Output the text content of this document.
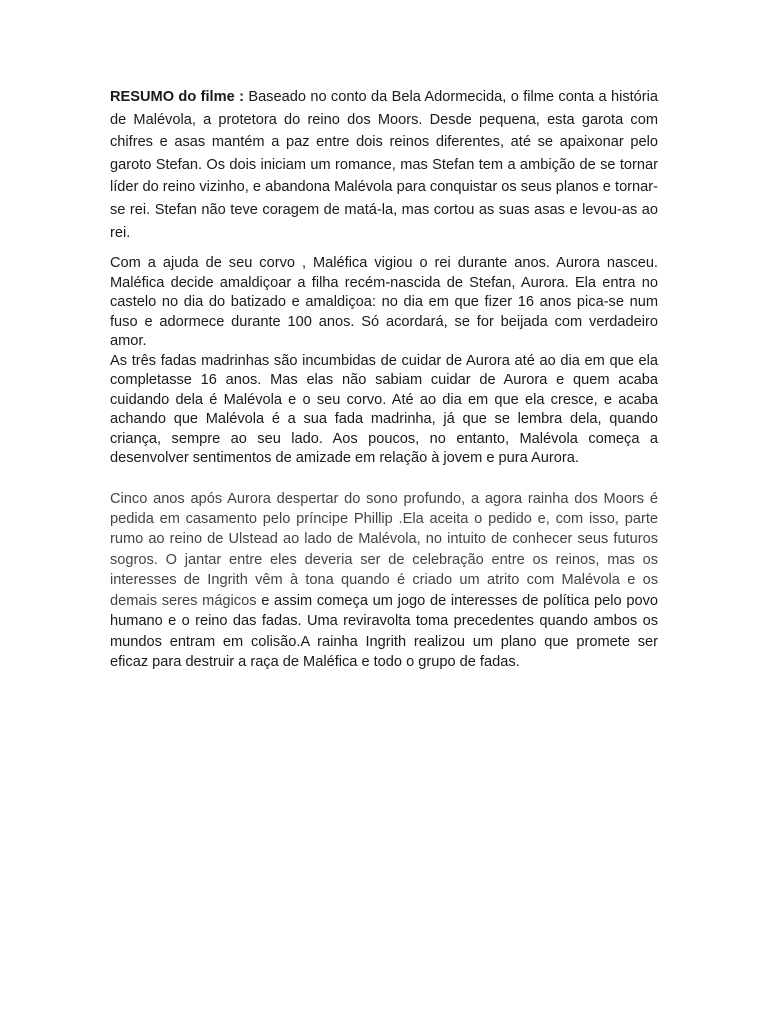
RESUMO do filme : Baseado no conto da Bela Adormecida, o filme conta a história de Malévola, a protetora do reino dos Moors. Desde pequena, esta garota com chifres e asas mantém a paz entre dois reinos diferentes, até se apaixonar pelo garoto Stefan. Os dois iniciam um romance, mas Stefan tem a ambição de se tornar líder do reino vizinho, e abandona Malévola para conquistar os seus planos e tornar-se rei. Stefan não teve coragem de matá-la, mas cortou as suas asas e levou-as ao rei.

Com a ajuda de seu corvo , Maléfica vigiou o rei durante anos. Aurora nasceu. Maléfica decide amaldiçoar a filha recém-nascida de Stefan, Aurora. Ela entra no castelo no dia do batizado e amaldiçoa: no dia em que fizer 16 anos pica-se num fuso e adormece durante 100 anos. Só acordará, se for beijada com verdadeiro amor.

As três fadas madrinhas são incumbidas de cuidar de Aurora até ao dia em que ela completasse 16 anos. Mas elas não sabiam cuidar de Aurora e quem acaba cuidando dela é Malévola e o seu corvo. Até ao dia em que ela cresce, e acaba achando que Malévola é a sua fada madrinha, já que se lembra dela, quando criança, sempre ao seu lado. Aos poucos, no entanto, Malévola começa a desenvolver sentimentos de amizade em relação à jovem e pura Aurora.

Cinco anos após Aurora despertar do sono profundo, a agora rainha dos Moors é pedida em casamento pelo príncipe Phillip .Ela aceita o pedido e, com isso, parte rumo ao reino de Ulstead ao lado de Malévola, no intuito de conhecer seus futuros sogros. O jantar entre eles deveria ser de celebração entre os reinos, mas os interesses de Ingrith vêm à tona quando é criado um atrito com Malévola e os demais seres mágicos e assim começa um jogo de interesses de política pelo povo humano e o reino das fadas. Uma reviravolta toma precedentes quando ambos os mundos entram em colisão.A rainha Ingrith realizou um plano que promete ser eficaz para destruir a raça de Maléfica e todo o grupo de fadas.
